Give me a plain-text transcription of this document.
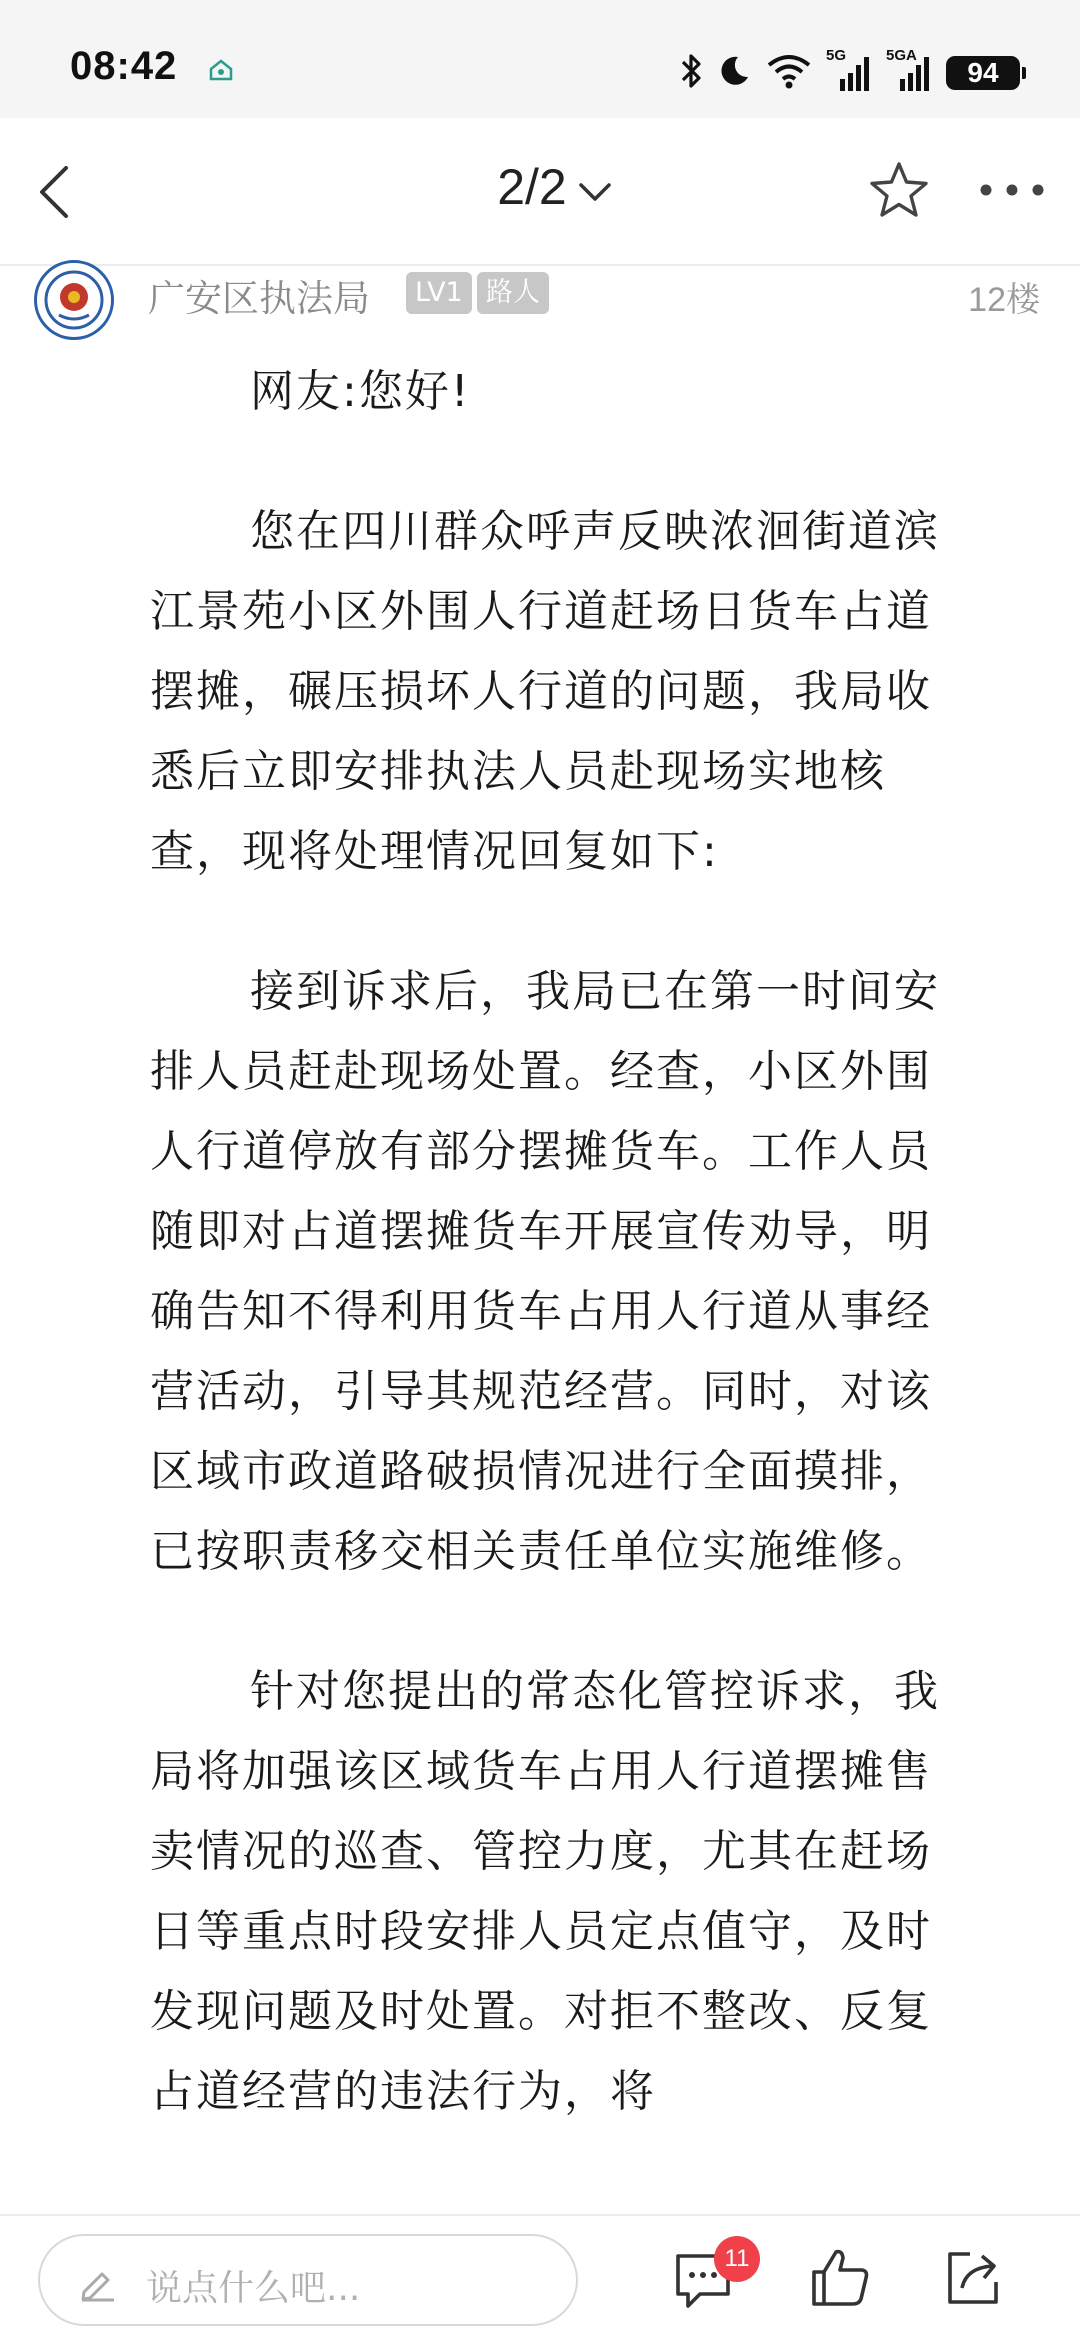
08:42	5G	5GA
94
2/2
广安区执法局	LV1 路人	12楼

网友:您好!

您在四川群众呼声反映浓洄街道滨江景苑小区外围人行道赶场日货车占道摆摊，碾压损坏人行道的问题，我局收悉后立即安排执法人员赴现场实地核查，现将处理情况回复如下:

接到诉求后，我局已在第一时间安排人员赶赴现场处置。经查，小区外围人行道停放有部分摆摊货车。工作人员随即对占道摆摊货车开展宣传劝导，明确告知不得利用货车占用人行道从事经营活动，引导其规范经营。同时，对该区域市政道路破损情况进行全面摸排，已按职责移交相关责任单位实施维修。

针对您提出的常态化管控诉求，我局将加强该区域货车占用人行道摆摊售卖情况的巡查、管控力度，尤其在赶场日等重点时段安排人员定点值守，及时发现问题及时处置。对拒不整改、反复占道经营的违法行为，将

说点什么吧...
11
